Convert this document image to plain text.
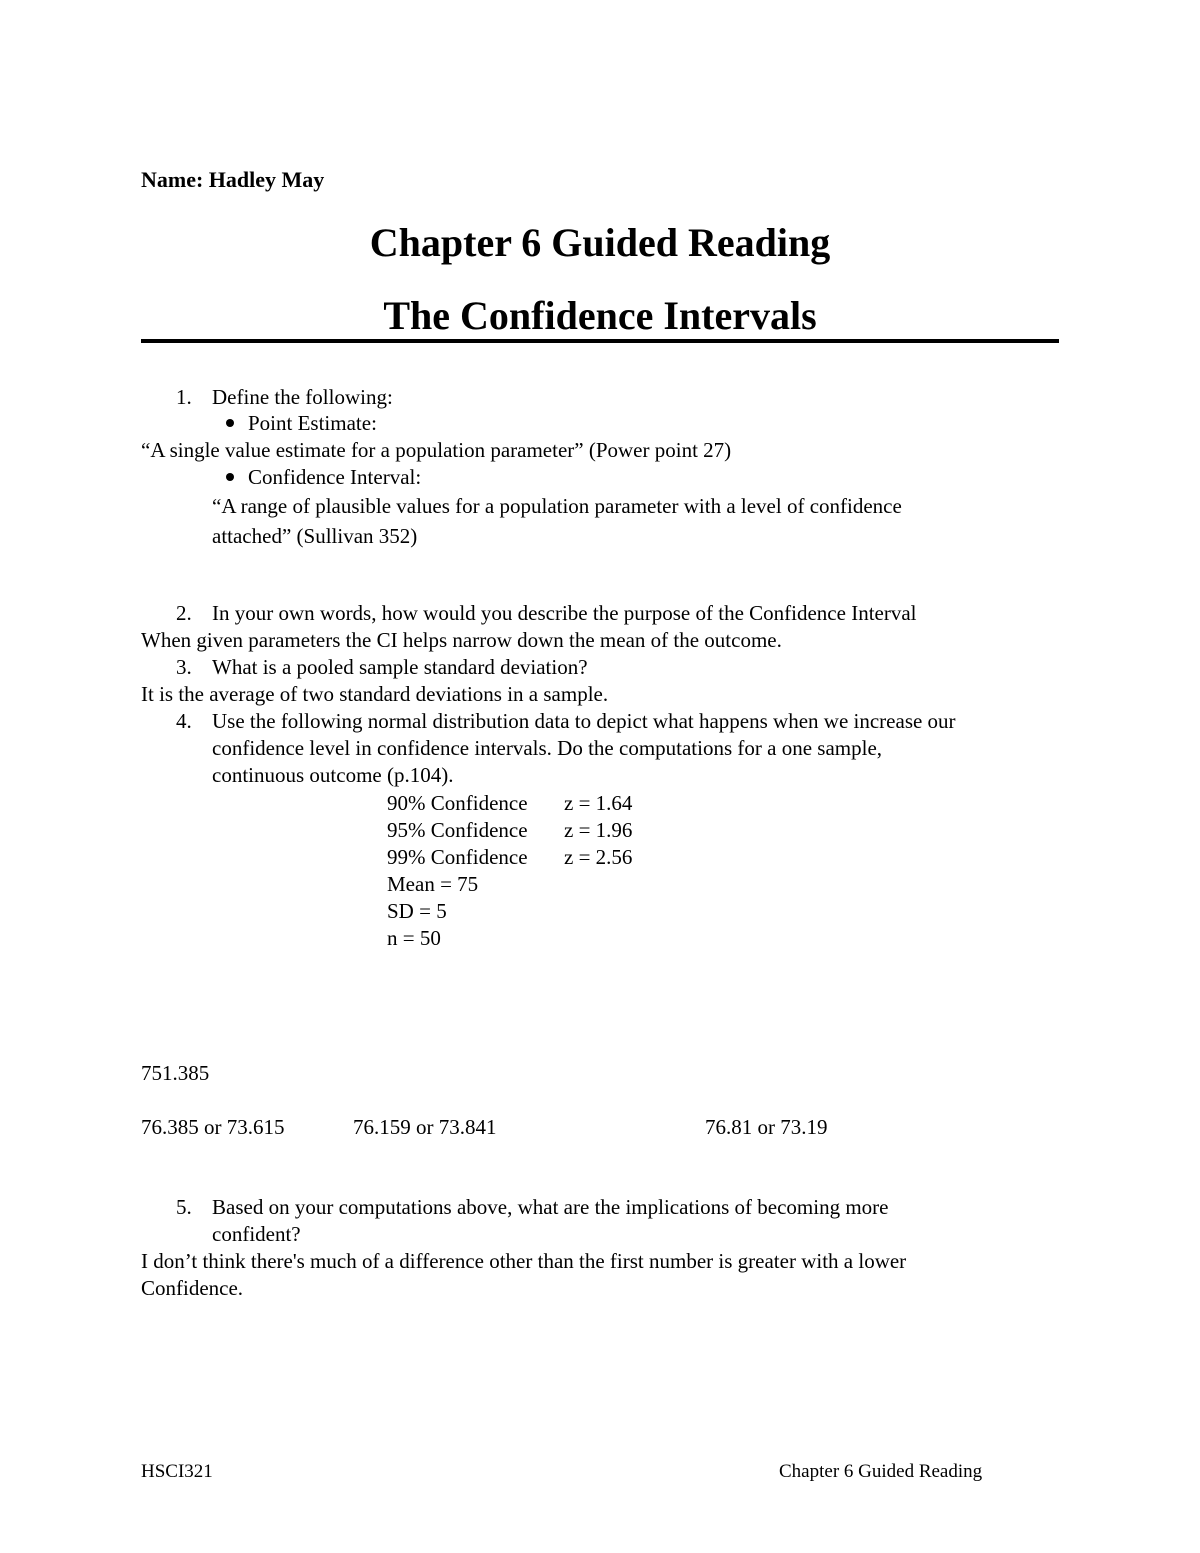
Name: Hadley May
Chapter 6 Guided Reading
The Confidence Intervals
1. Define the following:
Point Estimate:
“A single value estimate for a population parameter” (Power point 27)
Confidence Interval:
“A range of plausible values for a population parameter with a level of confidence
attached” (Sullivan 352)
2. In your own words, how would you describe the purpose of the Confidence Interval
When given parameters the CI helps narrow down the mean of the outcome.
3. What is a pooled sample standard deviation?
It is the average of two standard deviations in a sample.
4. Use the following normal distribution data to depict what happens when we increase our
confidence level in confidence intervals. Do the computations for a one sample,
continuous outcome (p.104).
90% Confidence z = 1.64
95% Confidence z = 1.96
99% Confidence z = 2.56
Mean = 75
SD = 5
n = 50
751.385
76.385 or 73.615	76.159 or 73.841	76.81 or 73.19
5. Based on your computations above, what are the implications of becoming more
confident?
I don’t think there's much of a difference other than the first number is greater with a lower
Confidence.
HSCI321	Chapter 6 Guided Reading
